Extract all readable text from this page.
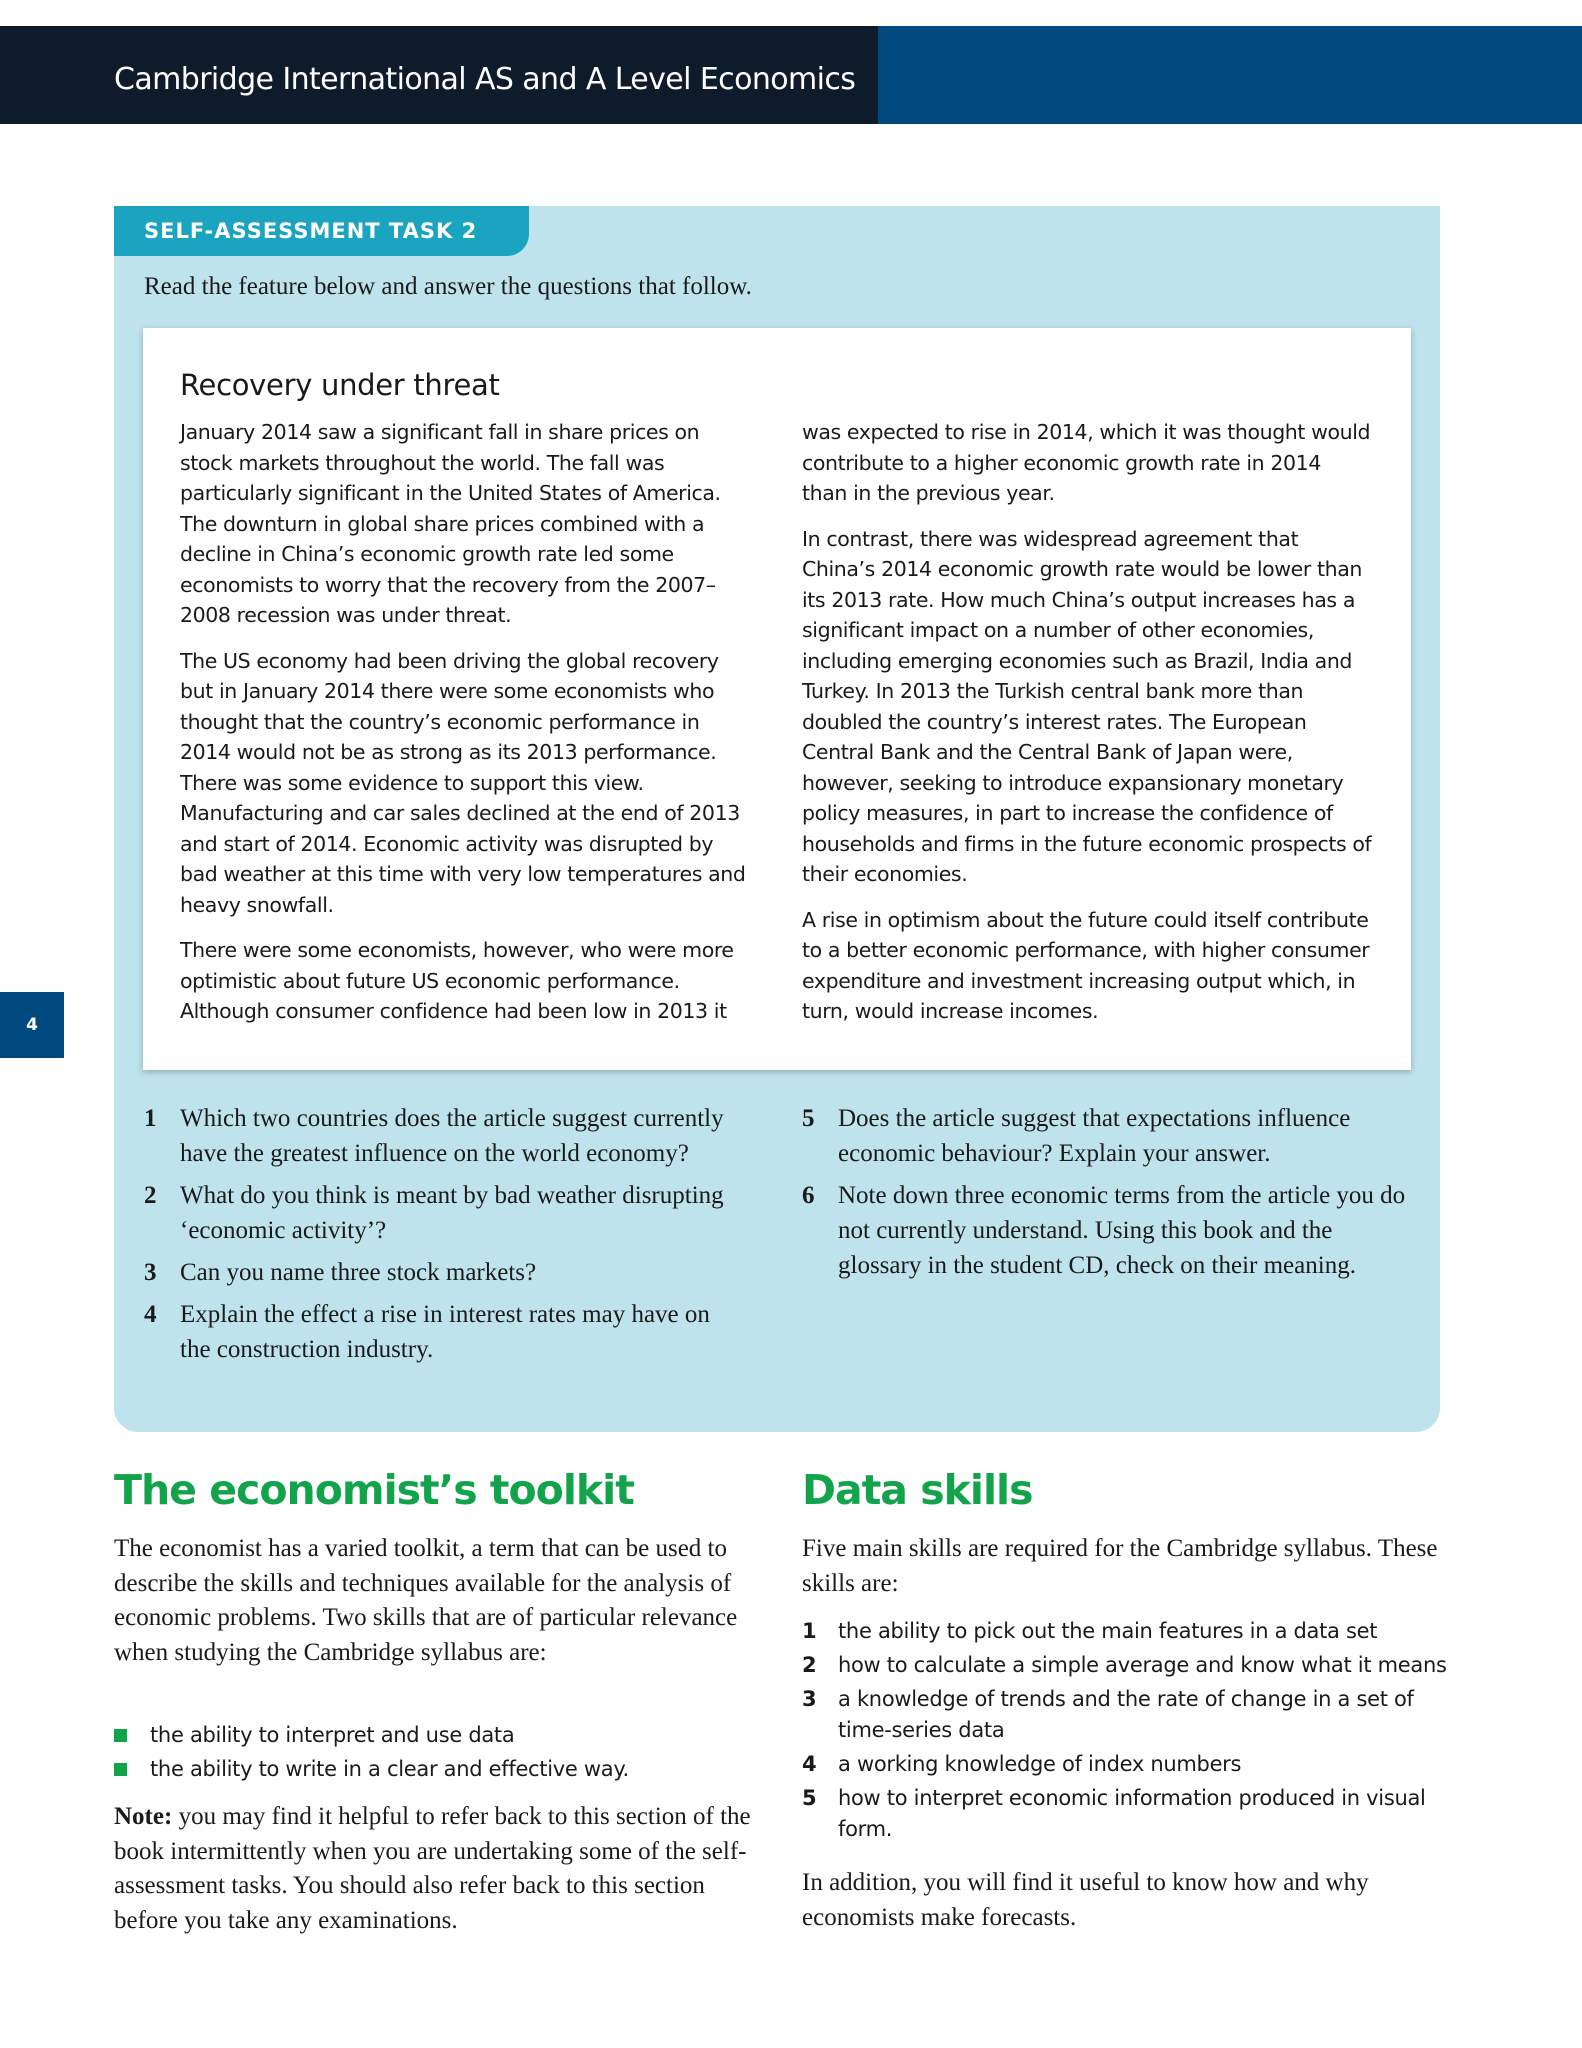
Cambridge International AS and A Level Economics
4
SELF-ASSESSMENT TASK 2
Read the feature below and answer the questions that follow.
Recovery under threat

January 2014 saw a significant fall in share prices on stock markets throughout the world. The fall was particularly significant in the United States of America. The downturn in global share prices combined with a decline in China’s economic growth rate led some economists to worry that the recovery from the 2007–2008 recession was under threat.

The US economy had been driving the global recovery but in January 2014 there were some economists who thought that the country’s economic performance in 2014 would not be as strong as its 2013 performance. There was some evidence to support this view. Manufacturing and car sales declined at the end of 2013 and start of 2014. Economic activity was disrupted by bad weather at this time with very low temperatures and heavy snowfall.

There were some economists, however, who were more optimistic about future US economic performance. Although consumer confidence had been low in 2013 it

was expected to rise in 2014, which it was thought would contribute to a higher economic growth rate in 2014 than in the previous year.

In contrast, there was widespread agreement that China’s 2014 economic growth rate would be lower than its 2013 rate. How much China’s output increases has a significant impact on a number of other economies, including emerging economies such as Brazil, India and Turkey. In 2013 the Turkish central bank more than doubled the country’s interest rates. The European Central Bank and the Central Bank of Japan were, however, seeking to introduce expansionary monetary policy measures, in part to increase the confidence of households and firms in the future economic prospects of their economies.

A rise in optimism about the future could itself contribute to a better economic performance, with higher consumer expenditure and investment increasing output which, in turn, would increase incomes.

1 Which two countries does the article suggest currently have the greatest influence on the world economy?
2 What do you think is meant by bad weather disrupting ‘economic activity’?
3 Can you name three stock markets?
4 Explain the effect a rise in interest rates may have on the construction industry.
5 Does the article suggest that expectations influence economic behaviour? Explain your answer.
6 Note down three economic terms from the article you do not currently understand. Using this book and the glossary in the student CD, check on their meaning.
The economist’s toolkit
The economist has a varied toolkit, a term that can be used to describe the skills and techniques available for the analysis of economic problems. Two skills that are of particular relevance when studying the Cambridge syllabus are:
the ability to interpret and use data
the ability to write in a clear and effective way.
Note: you may find it helpful to refer back to this section of the book intermittently when you are undertaking some of the self-assessment tasks. You should also refer back to this section before you take any examinations.
Data skills
Five main skills are required for the Cambridge syllabus. These skills are:
1	the ability to pick out the main features in a data set
2	how to calculate a simple average and know what it means
3	a knowledge of trends and the rate of change in a set of time-series data
4	a working knowledge of index numbers
5	how to interpret economic information produced in visual form.
In addition, you will find it useful to know how and why economists make forecasts.
